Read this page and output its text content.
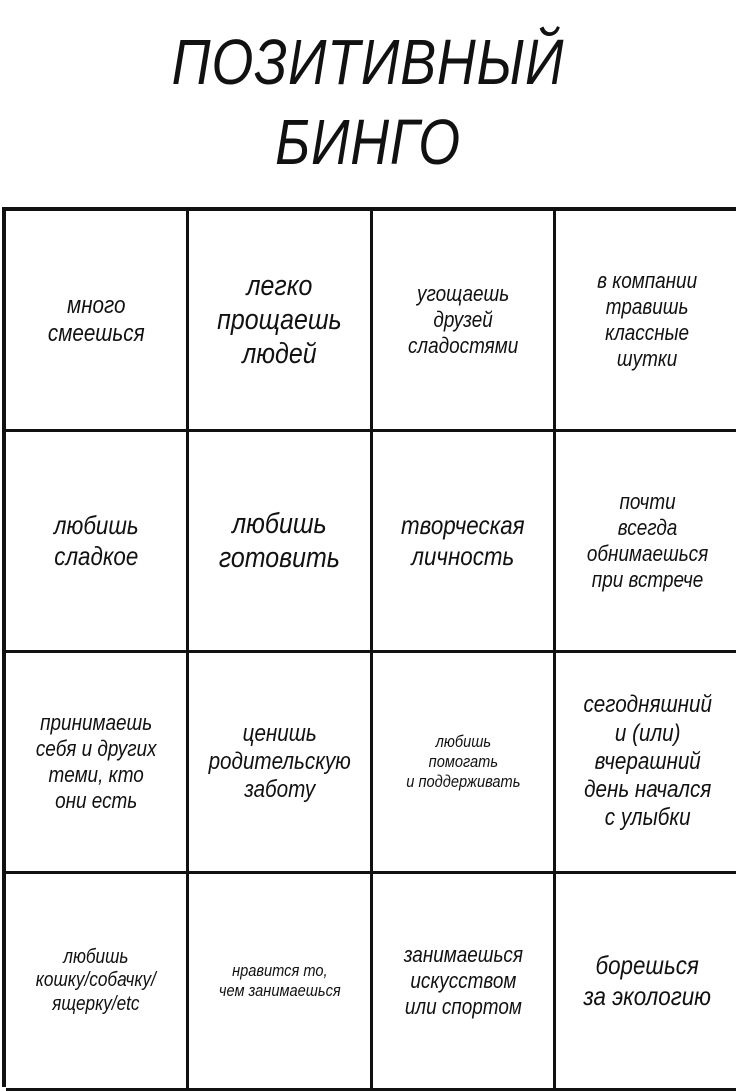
ПОЗИТИВНЫЙ
БИНГО
много
смеешься
легко
прощаешь
людей
угощаешь
друзей
сладостями
в компании
травишь
классные
шутки
любишь
сладкое
любишь
готовить
творческая
личность
почти
всегда
обнимаешься
при встрече
принимаешь
себя и других
теми, кто
они есть
ценишь
родительскую
заботу
любишь
помогать
и поддерживать
сегодняшний
и (или)
вчерашний
день начался
с улыбки
любишь
кошку/собачку/
ящерку/etc
нравится то,
чем занимаешься
занимаешься
искусством
или спортом
борешься
за экологию
